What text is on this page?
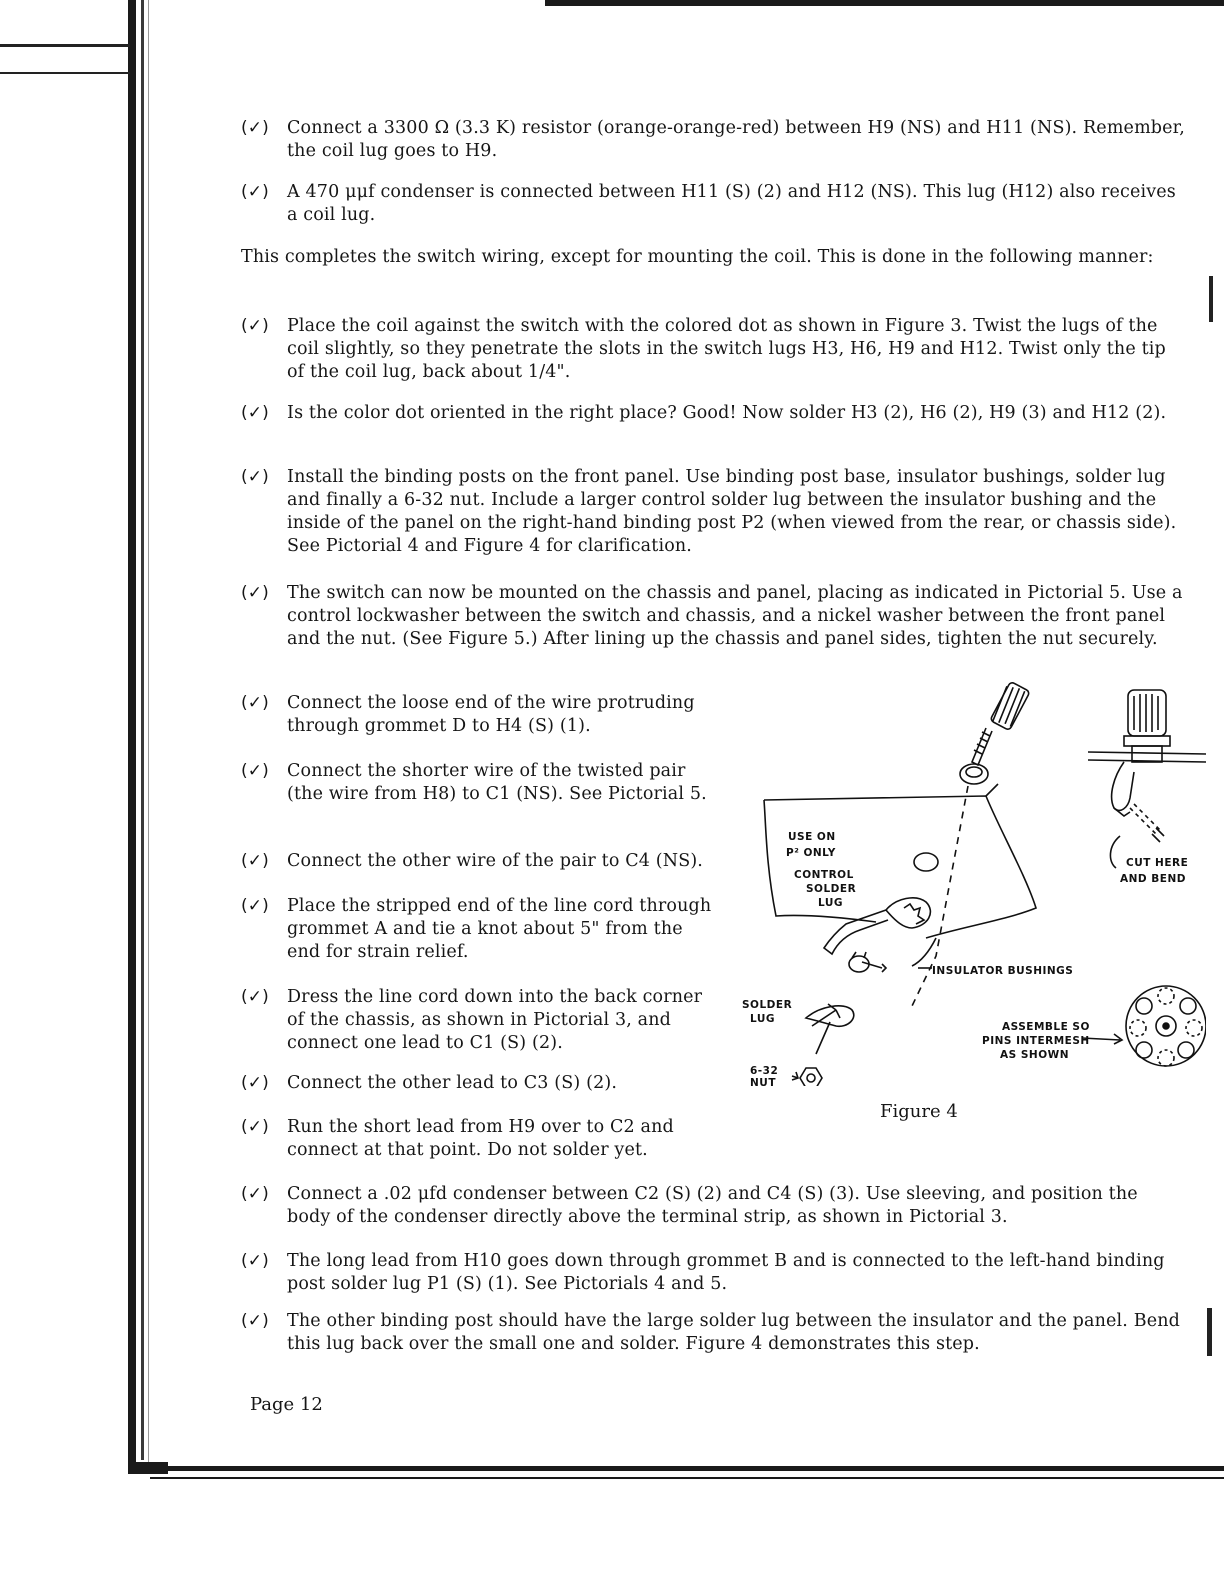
(✓) Connect a 3300 Ω (3.3 K) resistor (orange-orange-red) between H9 (NS) and H11 (NS). Remember, the coil lug goes to H9.
(✓) A 470 μμf condenser is connected between H11 (S) (2) and H12 (NS). This lug (H12) also receives a coil lug.
This completes the switch wiring, except for mounting the coil. This is done in the following manner:
(✓) Place the coil against the switch with the colored dot as shown in Figure 3. Twist the lugs of the coil slightly, so they penetrate the slots in the switch lugs H3, H6, H9 and H12. Twist only the tip of the coil lug, back about 1/4".
(✓) Is the color dot oriented in the right place? Good! Now solder H3 (2), H6 (2), H9 (3) and H12 (2).
(✓) Install the binding posts on the front panel. Use binding post base, insulator bushings, solder lug and finally a 6-32 nut. Include a larger control solder lug between the insulator bushing and the inside of the panel on the right-hand binding post P2 (when viewed from the rear, or chassis side). See Pictorial 4 and Figure 4 for clarification.
(✓) The switch can now be mounted on the chassis and panel, placing as indicated in Pictorial 5. Use a control lockwasher between the switch and chassis, and a nickel washer between the front panel and the nut. (See Figure 5.) After lining up the chassis and panel sides, tighten the nut securely.
(✓) Connect the loose end of the wire protruding through grommet D to H4 (S) (1).
(✓) Connect the shorter wire of the twisted pair (the wire from H8) to C1 (NS). See Pictorial 5.
(✓) Connect the other wire of the pair to C4 (NS).
(✓) Place the stripped end of the line cord through grommet A and tie a knot about 5" from the end for strain relief.
(✓) Dress the line cord down into the back corner of the chassis, as shown in Pictorial 3, and connect one lead to C1 (S) (2).
(✓) Connect the other lead to C3 (S) (2).
(✓) Run the short lead from H9 over to C2 and connect at that point. Do not solder yet.
(✓) Connect a .02 μfd condenser between C2 (S) (2) and C4 (S) (3). Use sleeving, and position the body of the condenser directly above the terminal strip, as shown in Pictorial 3.
(✓) The long lead from H10 goes down through grommet B and is connected to the left-hand binding post solder lug P1 (S) (1). See Pictorials 4 and 5.
(✓) The other binding post should have the large solder lug between the insulator and the panel. Bend this lug back over the small one and solder. Figure 4 demonstrates this step.
Page 12
USE ON
P² ONLY
CONTROL
SOLDER
LUG
INSULATOR BUSHINGS
SOLDER
LUG
6-32
NUT
ASSEMBLE SO
PINS INTERMESH
AS SHOWN
CUT HERE
AND BEND
Figure 4
